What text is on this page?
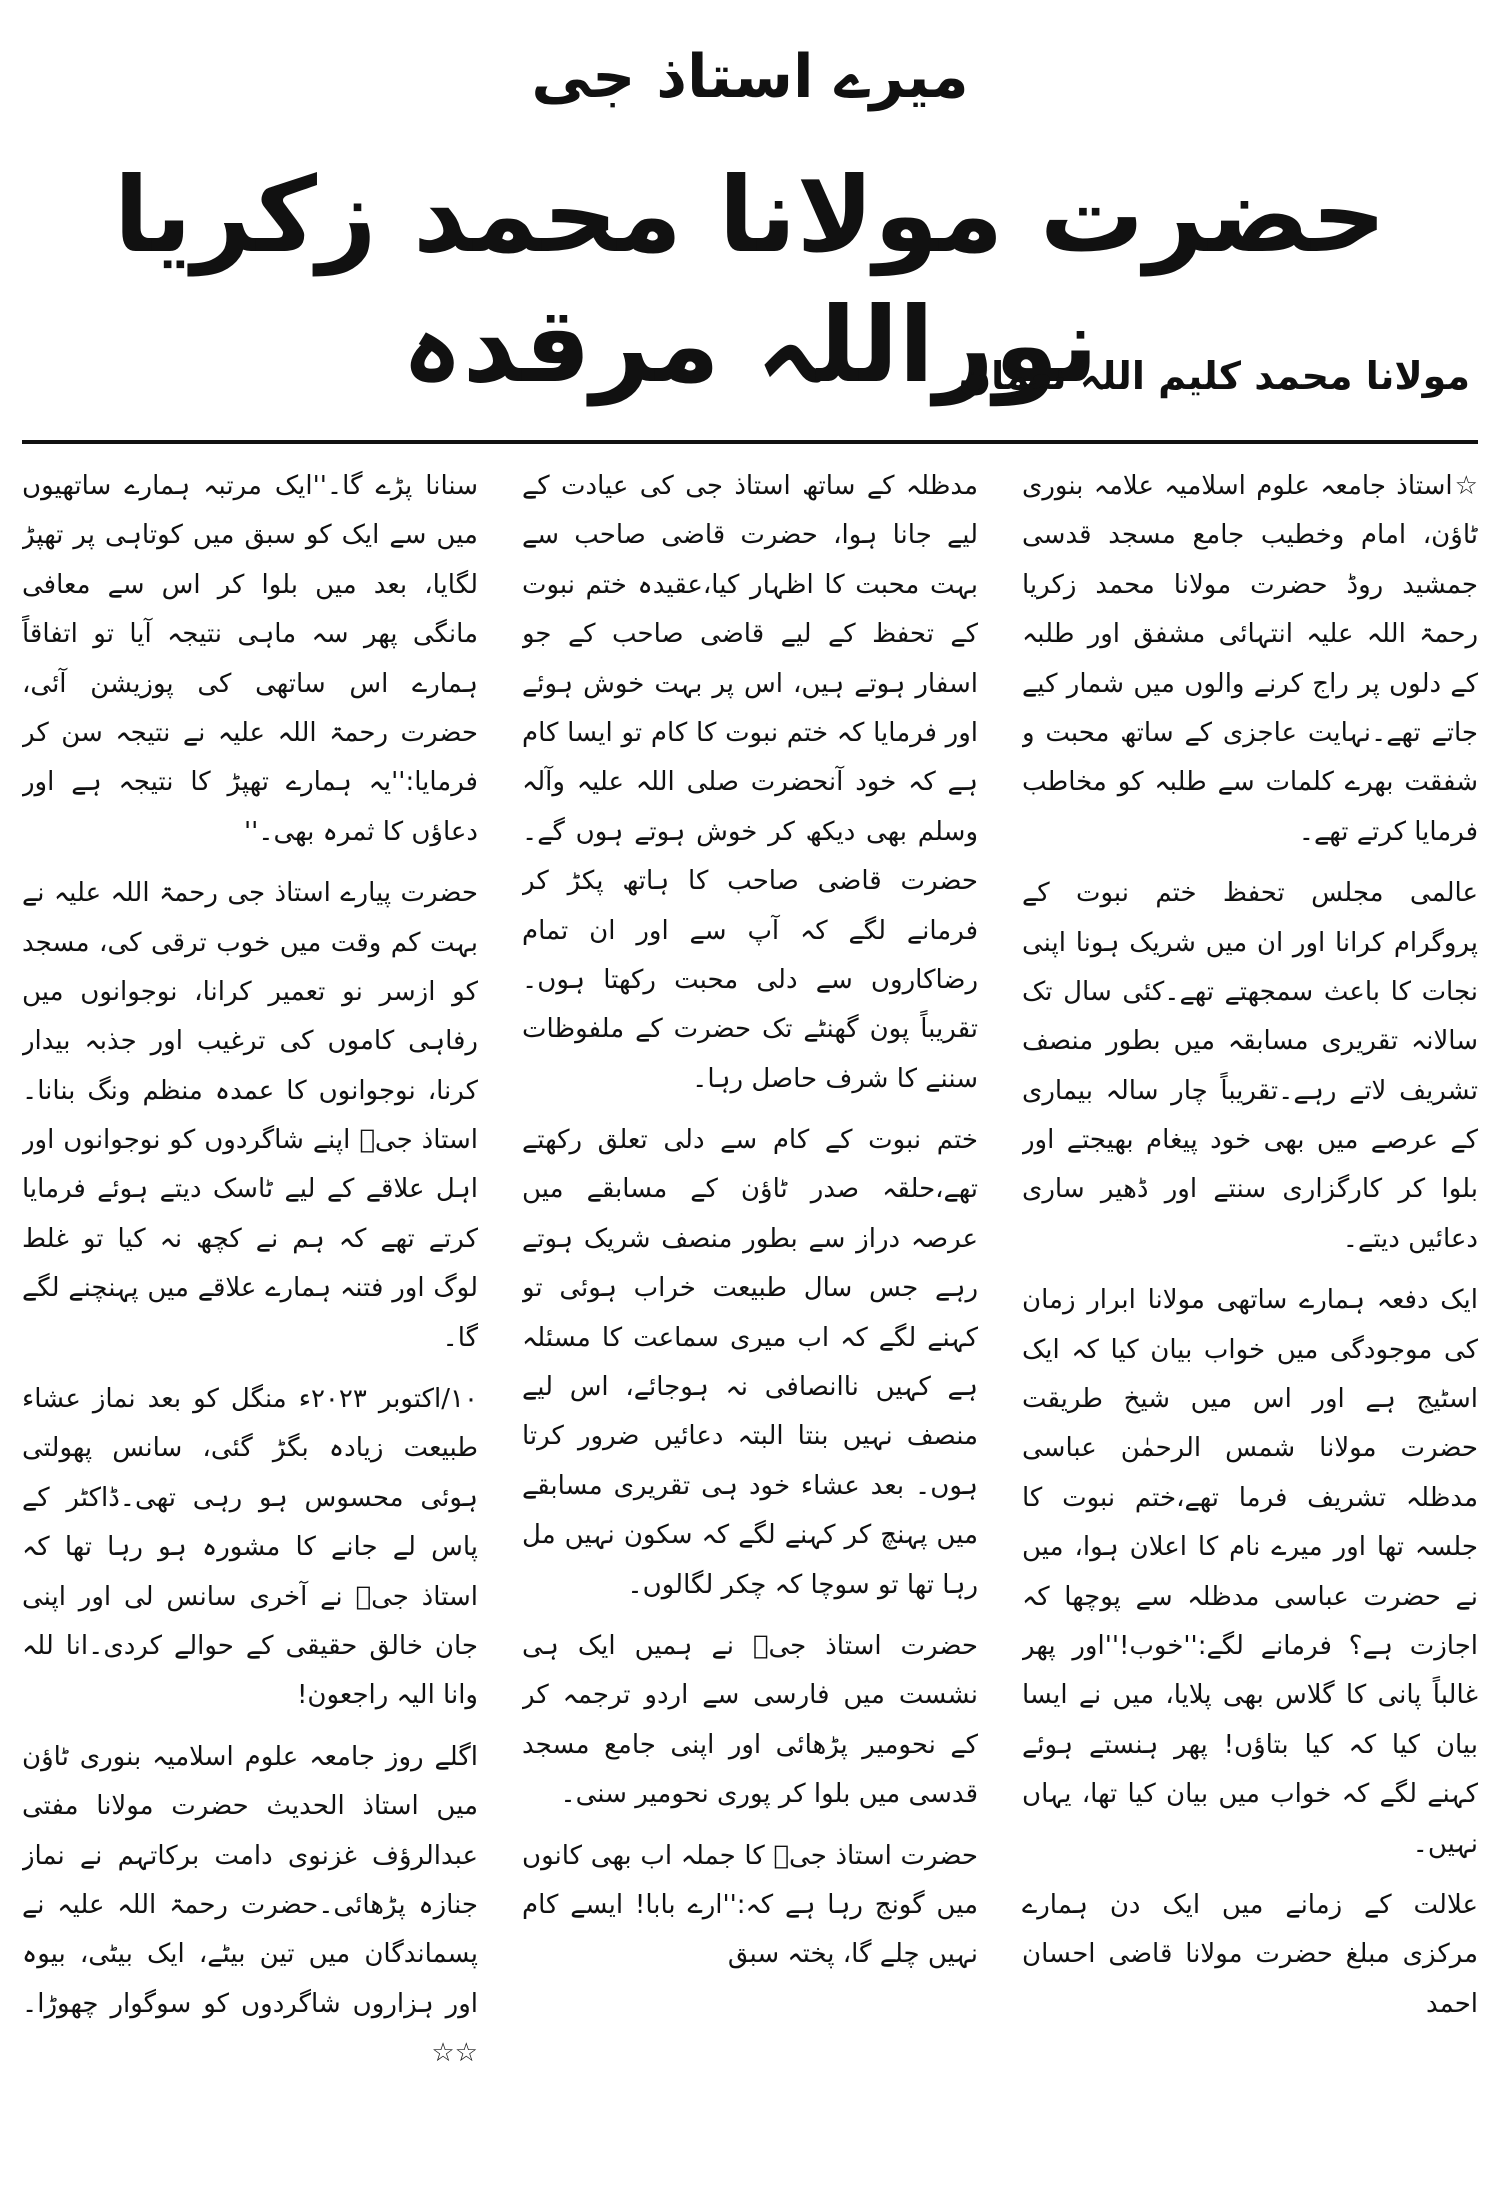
میرے استاذ جی
حضرت مولانا محمد زکریا نوراللہ مرقدہ
مولانا محمد کلیم اللہ نعمان

☆استاذ جامعہ علوم اسلامیہ علامہ بنوری ٹاؤن، امام وخطیب جامع مسجد قدسی جمشید روڈ حضرت مولانا محمد زکریا رحمۃ اللہ علیہ انتہائی مشفق اور طلبہ کے دلوں پر راج کرنے والوں میں شمار کیے جاتے تھے۔نہایت عاجزی کے ساتھ محبت و شفقت بھرے کلمات سے طلبہ کو مخاطب فرمایا کرتے تھے۔

عالمی مجلس تحفظ ختم نبوت کے پروگرام کرانا اور ان میں شریک ہونا اپنی نجات کا باعث سمجھتے تھے۔کئی سال تک سالانہ تقریری مسابقہ میں بطور منصف تشریف لاتے رہے۔تقریباً چار سالہ بیماری کے عرصے میں بھی خود پیغام بھیجتے اور بلوا کر کارگزاری سنتے اور ڈھیر ساری دعائیں دیتے۔

ایک دفعہ ہمارے ساتھی مولانا ابرار زمان کی موجودگی میں خواب بیان کیا کہ ایک اسٹیج ہے اور اس میں شیخ طریقت حضرت مولانا شمس الرحمٰن عباسی مدظلہ تشریف فرما تھے،ختم نبوت کا جلسہ تھا اور میرے نام کا اعلان ہوا، میں نے حضرت عباسی مدظلہ سے پوچھا کہ اجازت ہے؟ فرمانے لگے:''خوب!''اور پھر غالباً پانی کا گلاس بھی پلایا، میں نے ایسا بیان کیا کہ کیا بتاؤں! پھر ہنستے ہوئے کہنے لگے کہ خواب میں بیان کیا تھا، یہاں نہیں۔

علالت کے زمانے میں ایک دن ہمارے مرکزی مبلغ حضرت مولانا قاضی احسان احمد

مدظلہ کے ساتھ استاذ جی کی عیادت کے لیے جانا ہوا، حضرت قاضی صاحب سے بہت محبت کا اظہار کیا،عقیدہ ختم نبوت کے تحفظ کے لیے قاضی صاحب کے جو اسفار ہوتے ہیں، اس پر بہت خوش ہوئے اور فرمایا کہ ختم نبوت کا کام تو ایسا کام ہے کہ خود آنحضرت صلی اللہ علیہ وآلہ وسلم بھی دیکھ کر خوش ہوتے ہوں گے۔حضرت قاضی صاحب کا ہاتھ پکڑ کر فرمانے لگے کہ آپ سے اور ان تمام رضاکاروں سے دلی محبت رکھتا ہوں۔ تقریباً پون گھنٹے تک حضرت کے ملفوظات سننے کا شرف حاصل رہا۔

ختم نبوت کے کام سے دلی تعلق رکھتے تھے،حلقہ صدر ٹاؤن کے مسابقے میں عرصہ دراز سے بطور منصف شریک ہوتے رہے جس سال طبیعت خراب ہوئی تو کہنے لگے کہ اب میری سماعت کا مسئلہ ہے کہیں ناانصافی نہ ہوجائے، اس لیے منصف نہیں بنتا البتہ دعائیں ضرور کرتا ہوں۔ بعد عشاء خود ہی تقریری مسابقے میں پہنچ کر کہنے لگے کہ سکون نہیں مل رہا تھا تو سوچا کہ چکر لگالوں۔

حضرت استاذ جیؒ نے ہمیں ایک ہی نشست میں فارسی سے اردو ترجمہ کر کے نحومیر پڑھائی اور اپنی جامع مسجد قدسی میں بلوا کر پوری نحومیر سنی۔

حضرت استاذ جیؒ کا جملہ اب بھی کانوں میں گونج رہا ہے کہ:''ارے بابا! ایسے کام نہیں چلے گا، پختہ سبق

سنانا پڑے گا۔''ایک مرتبہ ہمارے ساتھیوں میں سے ایک کو سبق میں کوتاہی پر تھپڑ لگایا، بعد میں بلوا کر اس سے معافی مانگی پھر سہ ماہی نتیجہ آیا تو اتفاقاً ہمارے اس ساتھی کی پوزیشن آئی، حضرت رحمۃ اللہ علیہ نے نتیجہ سن کر فرمایا:''یہ ہمارے تھپڑ کا نتیجہ ہے اور دعاؤں کا ثمرہ بھی۔''

حضرت پیارے استاذ جی رحمۃ اللہ علیہ نے بہت کم وقت میں خوب ترقی کی، مسجد کو ازسر نو تعمیر کرانا، نوجوانوں میں رفاہی کاموں کی ترغیب اور جذبہ بیدار کرنا، نوجوانوں کا عمدہ منظم ونگ بنانا۔ استاذ جیؒ اپنے شاگردوں کو نوجوانوں اور اہل علاقے کے لیے ٹاسک دیتے ہوئے فرمایا کرتے تھے کہ ہم نے کچھ نہ کیا تو غلط لوگ اور فتنہ ہمارے علاقے میں پہنچنے لگے گا۔

۱۰/اکتوبر ۲۰۲۳ء منگل کو بعد نماز عشاء طبیعت زیادہ بگڑ گئی، سانس پھولتی ہوئی محسوس ہو رہی تھی۔ڈاکٹر کے پاس لے جانے کا مشورہ ہو رہا تھا کہ استاذ جیؒ نے آخری سانس لی اور اپنی جان خالق حقیقی کے حوالے کردی۔انا للہ وانا الیہ راجعون!

اگلے روز جامعہ علوم اسلامیہ بنوری ٹاؤن میں استاذ الحدیث حضرت مولانا مفتی عبدالرؤف غزنوی دامت برکاتہم نے نماز جنازہ پڑھائی۔حضرت رحمۃ اللہ علیہ نے پسماندگان میں تین بیٹے، ایک بیٹی، بیوہ اور ہزاروں شاگردوں کو سوگوار چھوڑا۔☆☆
